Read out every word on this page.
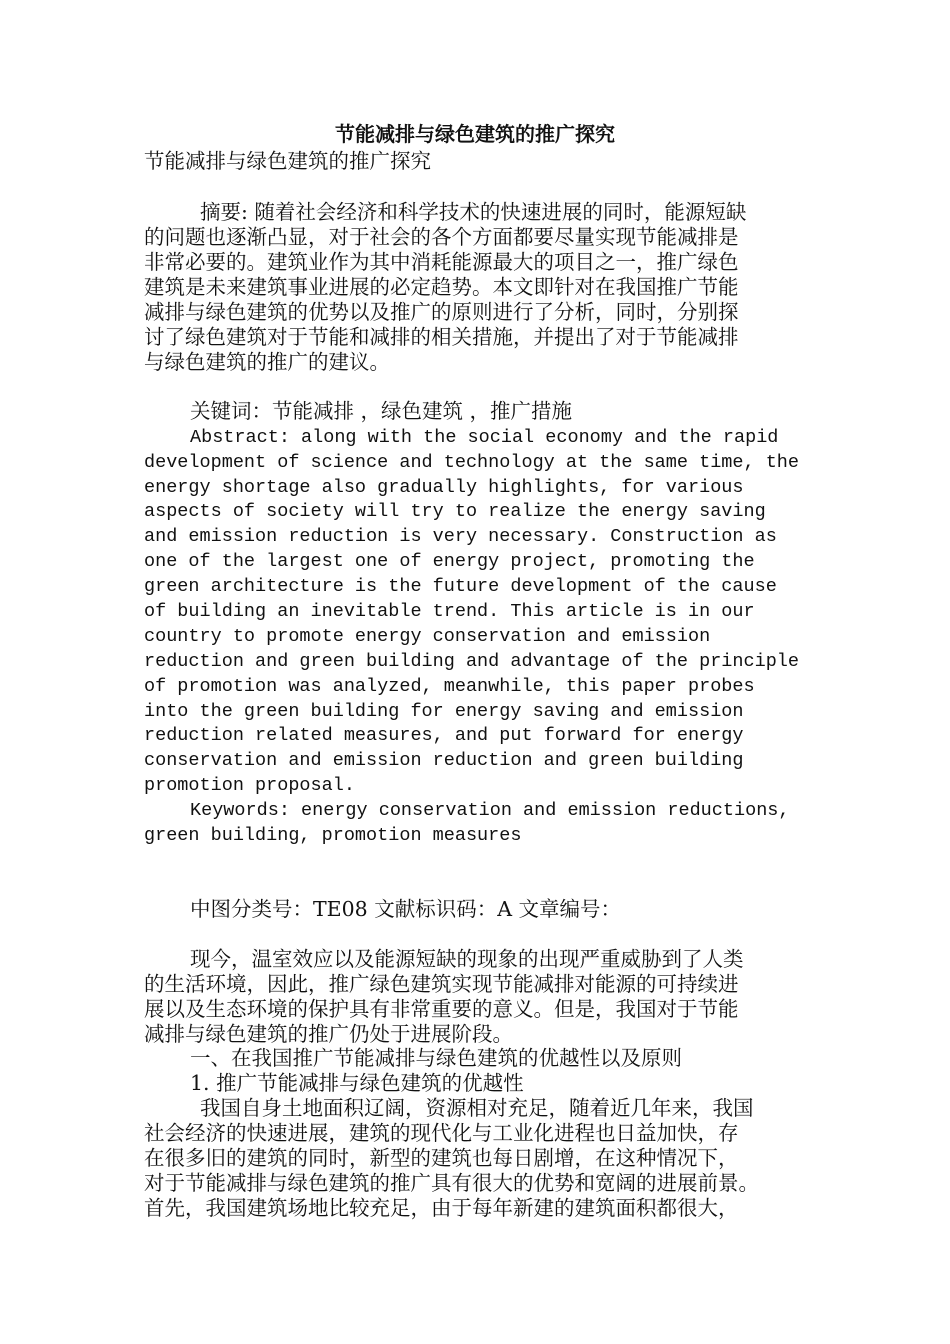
节能减排与绿色建筑的推广探究
节能减排与绿色建筑的推广探究
摘要: 随着社会经济和科学技术的快速进展的同时，能源短缺
的问题也逐渐凸显，对于社会的各个方面都要尽量实现节能减排是
非常必要的。建筑业作为其中消耗能源最大的项目之一，推广绿色
建筑是未来建筑事业进展的必定趋势。本文即针对在我国推广节能
减排与绿色建筑的优势以及推广的原则进行了分析，同时，分别探
讨了绿色建筑对于节能和减排的相关措施，并提出了对于节能减排
与绿色建筑的推广的建议。
关键词：节能减排 ，绿色建筑 ，推广措施
Abstract: along with the social economy and the rapid
development of science and technology at the same time, the
energy shortage also gradually highlights, for various
aspects of society will try to realize the energy saving
and emission reduction is very necessary. Construction as
one of the largest one of energy project, promoting the
green architecture is the future development of the cause
of building an inevitable trend. This article is in our
country to promote energy conservation and emission
reduction and green building and advantage of the principle
of promotion was analyzed, meanwhile, this paper probes
into the green building for energy saving and emission
reduction related measures, and put forward for energy
conservation and emission reduction and green building
promotion proposal.
Keywords: energy conservation and emission reductions,
green building, promotion measures
中图分类号：TE08 文献标识码：A 文章编号：
现今，温室效应以及能源短缺的现象的出现严重威胁到了人类
的生活环境，因此，推广绿色建筑实现节能减排对能源的可持续进
展以及生态环境的保护具有非常重要的意义。但是，我国对于节能
减排与绿色建筑的推广仍处于进展阶段。
一、在我国推广节能减排与绿色建筑的优越性以及原则
1. 推广节能减排与绿色建筑的优越性
我国自身土地面积辽阔，资源相对充足，随着近几年来，我国
社会经济的快速进展，建筑的现代化与工业化进程也日益加快，存
在很多旧的建筑的同时，新型的建筑也每日剧增，在这种情况下，
对于节能减排与绿色建筑的推广具有很大的优势和宽阔的进展前景。
首先，我国建筑场地比较充足，由于每年新建的建筑面积都很大，
